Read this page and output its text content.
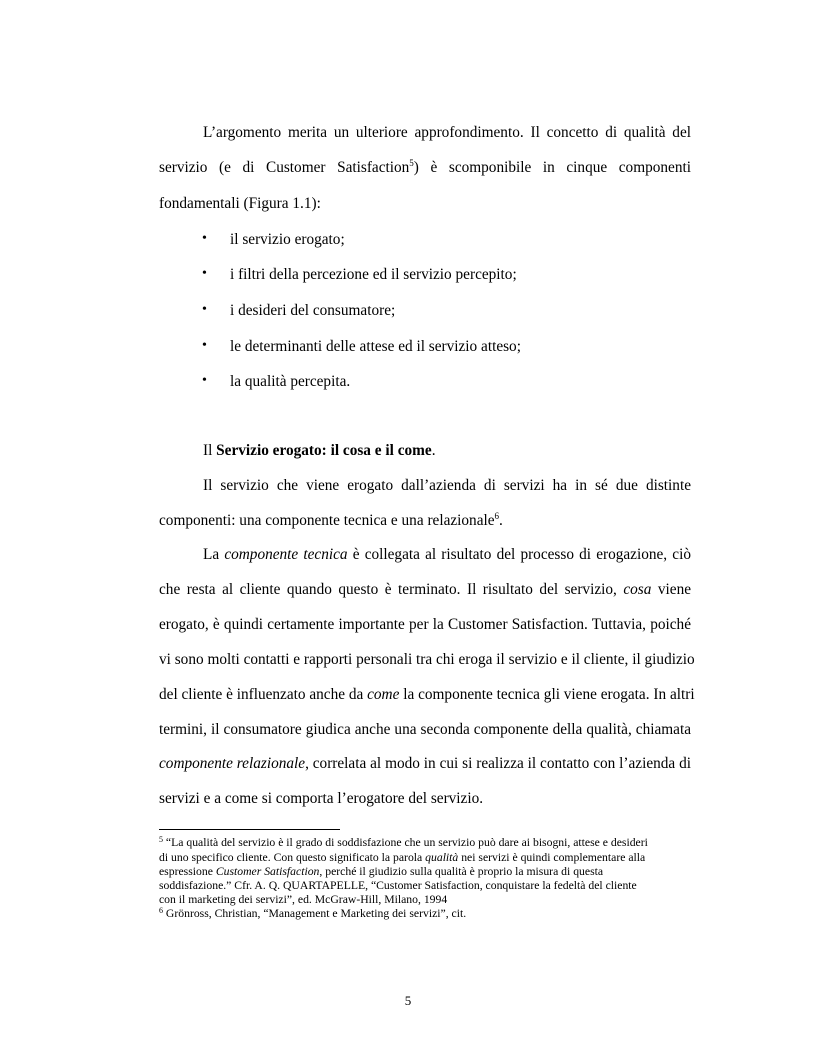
L’argomento merita un ulteriore approfondimento. Il concetto di qualità del

servizio (e di Customer Satisfaction$^5$) è scomponibile in cinque componenti

fondamentali (Figura 1.1):

• il servizio erogato;

• i filtri della percezione ed il servizio percepito;

• i desideri del consumatore;

• le determinanti delle attese ed il servizio atteso;

• la qualità percepita.

Il Servizio erogato: il cosa e il come.

Il servizio che viene erogato dall’azienda di servizi ha in sé due distinte

componenti: una componente tecnica e una relazionale$^6$.

La componente tecnica è collegata al risultato del processo di erogazione, ciò

che resta al cliente quando questo è terminato. Il risultato del servizio, cosa viene

erogato, è quindi certamente importante per la Customer Satisfaction. Tuttavia, poiché

vi sono molti contatti e rapporti personali tra chi eroga il servizio e il cliente, il giudizio

del cliente è influenzato anche da come la componente tecnica gli viene erogata. In altri

termini, il consumatore giudica anche una seconda componente della qualità, chiamata

componente relazionale, correlata al modo in cui si realizza il contatto con l’azienda di

servizi e a come si comporta l’erogatore del servizio.

$^5$ “La qualità del servizio è il grado di soddisfazione che un servizio può dare ai bisogni, attese e desideri

di uno specifico cliente. Con questo significato la parola qualità nei servizi è quindi complementare alla

espressione Customer Satisfaction, perché il giudizio sulla qualità è proprio la misura di questa

soddisfazione.” Cfr. A. Q. QUARTAPELLE, “Customer Satisfaction, conquistare la fedeltà del cliente

con il marketing dei servizi”, ed. McGraw-Hill, Milano, 1994

$^6$ Grönross, Christian, “Management e Marketing dei servizi”, cit.

5
